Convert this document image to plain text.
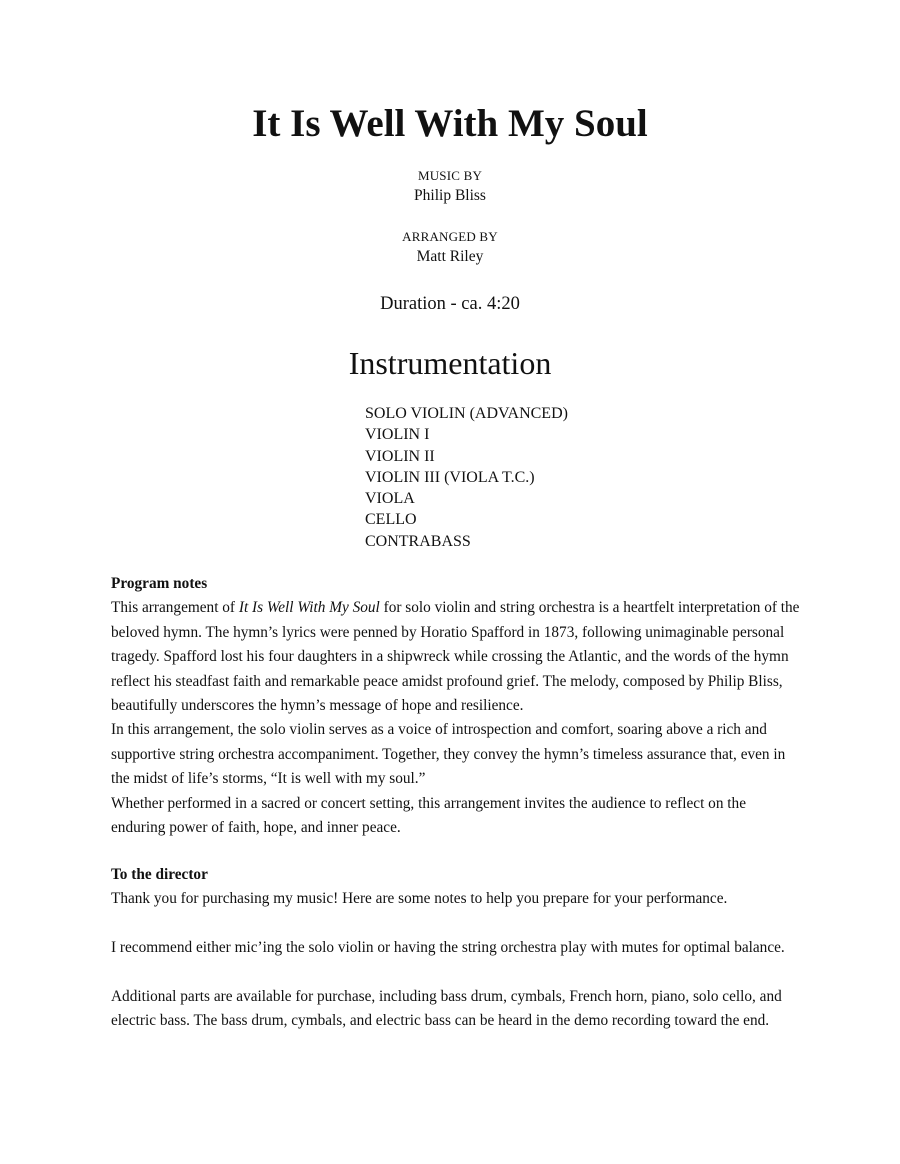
It Is Well With My Soul
MUSIC BY
Philip Bliss
ARRANGED BY
Matt Riley
Duration - ca. 4:20
Instrumentation
SOLO VIOLIN (ADVANCED)
VIOLIN I
VIOLIN II
VIOLIN III (VIOLA T.C.)
VIOLA
CELLO
CONTRABASS

Program notes

This arrangement of It Is Well With My Soul for solo violin and string orchestra is a heartfelt interpretation of the beloved hymn. The hymn’s lyrics were penned by Horatio Spafford in 1873, following unimaginable personal tragedy. Spafford lost his four daughters in a shipwreck while crossing the Atlantic, and the words of the hymn reflect his steadfast faith and remarkable peace amidst profound grief. The melody, composed by Philip Bliss, beautifully underscores the hymn’s message of hope and resilience.

In this arrangement, the solo violin serves as a voice of introspection and comfort, soaring above a rich and supportive string orchestra accompaniment. Together, they convey the hymn’s timeless assurance that, even in the midst of life’s storms, “It is well with my soul.”

Whether performed in a sacred or concert setting, this arrangement invites the audience to reflect on the enduring power of faith, hope, and inner peace.

To the director

Thank you for purchasing my music! Here are some notes to help you prepare for your performance.

I recommend either mic’ing the solo violin or having the string orchestra play with mutes for optimal balance.

Additional parts are available for purchase, including bass drum, cymbals, French horn, piano, solo cello, and electric bass. The bass drum, cymbals, and electric bass can be heard in the demo recording toward the end.
